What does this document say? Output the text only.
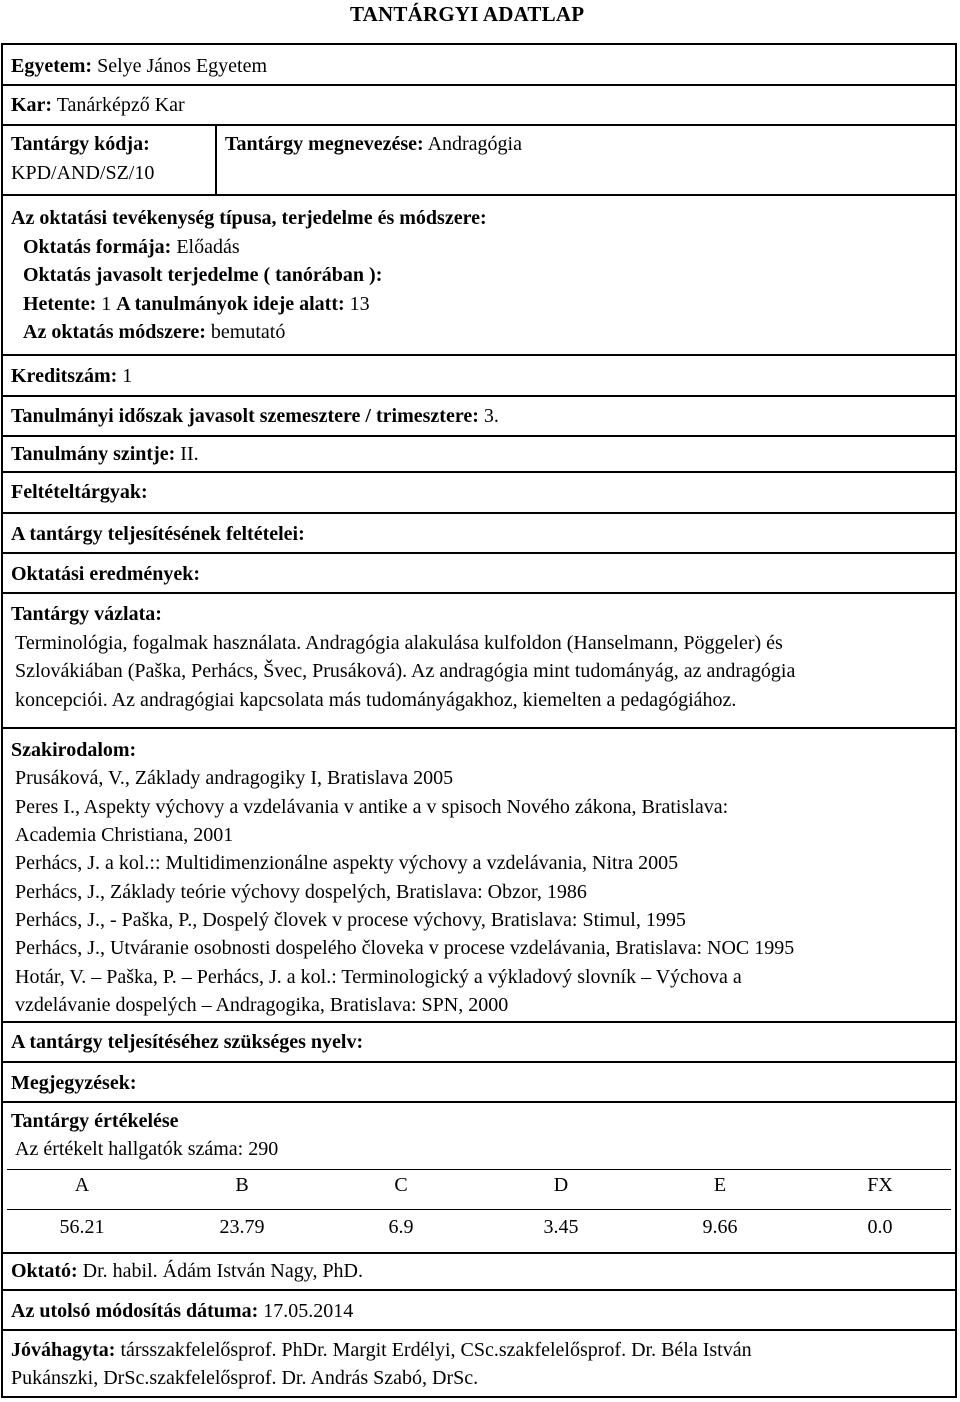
TANTÁRGYI ADATLAP
Egyetem: Selye János Egyetem
Kar: Tanárképző Kar
Tantárgy kódja:
KPD/AND/SZ/10
Tantárgy megnevezése: Andragógia
Az oktatási tevékenység típusa, terjedelme és módszere:
Oktatás formája: Előadás
Oktatás javasolt terjedelme ( tanórában ):
Hetente: 1 A tanulmányok ideje alatt: 13
Az oktatás módszere: bemutató
Kreditszám: 1
Tanulmányi időszak javasolt szemesztere / trimesztere: 3.
Tanulmány szintje: II.
Feltételtárgyak:
A tantárgy teljesítésének feltételei:
Oktatási eredmények:
Tantárgy vázlata:
Terminológia, fogalmak használata. Andragógia alakulása kulfoldon (Hanselmann, Pöggeler) és
Szlovákiában (Paška, Perhács, Švec, Prusáková). Az andragógia mint tudományág, az andragógia
koncepciói. Az andragógiai kapcsolata más tudományágakhoz, kiemelten a pedagógiához.
Szakirodalom:
Prusáková, V., Základy andragogiky I, Bratislava 2005
Peres I., Aspekty výchovy a vzdelávania v antike a v spisoch Nového zákona, Bratislava:
Academia Christiana, 2001
Perhács, J. a kol.:: Multidimenzionálne aspekty výchovy a vzdelávania, Nitra 2005
Perhács, J., Základy teórie výchovy dospelých, Bratislava: Obzor, 1986
Perhács, J., - Paška, P., Dospelý človek v procese výchovy, Bratislava: Stimul, 1995
Perhács, J., Utváranie osobnosti dospelého človeka v procese vzdelávania, Bratislava: NOC 1995
Hotár, V. – Paška, P. – Perhács, J. a kol.: Terminologický a výkladový slovník – Výchova a
vzdelávanie dospelých – Andragogika, Bratislava: SPN, 2000
A tantárgy teljesítéséhez szükséges nyelv:
Megjegyzések:
Tantárgy értékelése
Az értékelt hallgatók száma: 290
A	B	C	D	E	FX
56.21	23.79	6.9	3.45	9.66	0.0
Oktató: Dr. habil. Ádám István Nagy, PhD.
Az utolsó módosítás dátuma: 17.05.2014
Jóváhagyta: társszakfelelősprof. PhDr. Margit Erdélyi, CSc.szakfelelősprof. Dr. Béla István
Pukánszki, DrSc.szakfelelősprof. Dr. András Szabó, DrSc.
